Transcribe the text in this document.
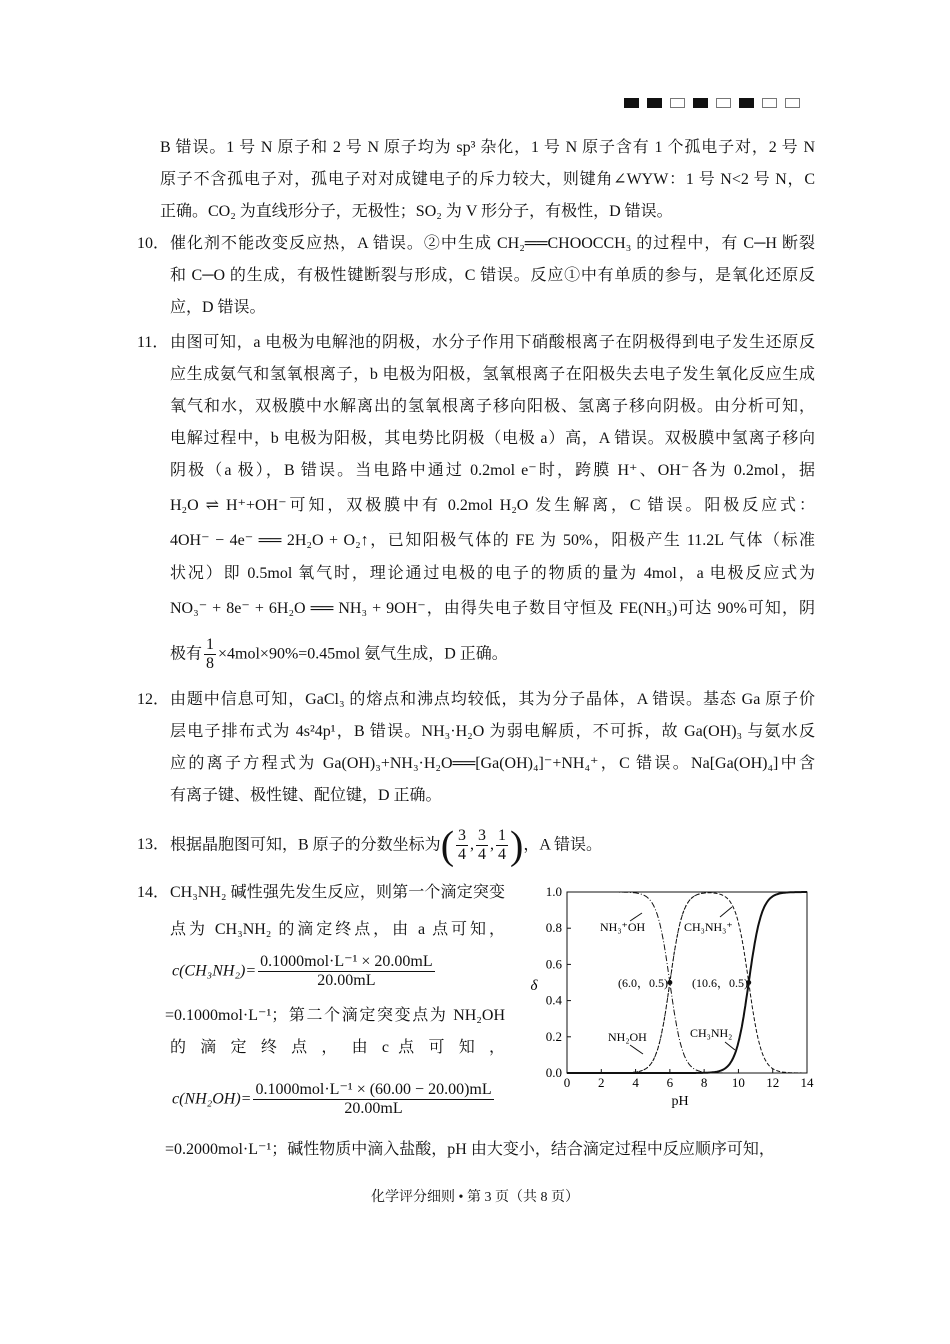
B 错误。1 号 N 原子和 2 号 N 原子均为 sp³ 杂化，1 号 N 原子含有 1 个孤电子对，2 号 N
原子不含孤电子对，孤电子对对成键电子的斥力较大，则键角∠WYW：1 号 N<2 号 N，C
正确。CO₂ 为直线形分子，无极性；SO₂ 为 V 形分子，有极性，D 错误。
10． 催化剂不能改变反应热，A 错误。②中生成 CH₂══CHOOCCH₃ 的过程中，有 C─H 断裂
和 C─O 的生成，有极性键断裂与形成，C 错误。反应①中有单质的参与，是氧化还原反
应，D 错误。
11． 由图可知，a 电极为电解池的阴极，水分子作用下硝酸根离子在阴极得到电子发生还原反
应生成氨气和氢氧根离子，b 电极为阳极，氢氧根离子在阳极失去电子发生氧化反应生成
氧气和水，双极膜中水解离出的氢氧根离子移向阳极、氢离子移向阴极。由分析可知，
电解过程中，b 电极为阳极，其电势比阴极（电极 a）高，A 错误。双极膜中氢离子移向
阴极（a 极），B 错误。当电路中通过 0.2mol e⁻时，跨膜 H⁺、OH⁻各为 0.2mol，据
H₂O ⇌ H⁺+OH⁻可知，双极膜中有 0.2mol H₂O 发生解离，C 错误。阳极反应式：
4OH⁻ − 4e⁻ ══ 2H₂O + O₂↑，已知阳极气体的 FE 为 50%，阳极产生 11.2L 气体（标准
状况）即 0.5mol 氧气时，理论通过电极的电子的物质的量为 4mol，a 电极反应式为
NO₃⁻ + 8e⁻ + 6H₂O ══ NH₃ + 9OH⁻，由得失电子数目守恒及 FE(NH₃)可达 90%可知，阴
极有 $\frac{1}{8} \times 4mol\times 90\%=0.45mol$ 氨气生成，D 正确。
12． 由题中信息可知，GaCl₃ 的熔点和沸点均较低，其为分子晶体，A 错误。基态 Ga 原子价
层电子排布式为 4s²4p¹，B 错误。NH₃·H₂O 为弱电解质，不可拆，故 Ga(OH)₃ 与氨水反
应的离子方程式为 Ga(OH)₃+NH₃·H₂O══[Ga(OH)₄]⁻+NH₄⁺，C 错误。Na[Ga(OH)₄]中含
有离子键、极性键、配位键，D 正确。
13． 根据晶胞图可知，B 原子的分数坐标为( $\frac{3}{4}$ , $\frac{3}{4}$ , $\frac{1}{4}$ )，A 错误。
14． CH₃NH₂ 碱性强先发生反应，则第一个滴定突变
点为 CH₃NH₂ 的滴定终点，由 a 点可知，
$c(CH_3NH_2)= \frac{\text{0.1000mol·L⁻¹ × 20.00mL}}{20.00mL}$
=0.1000mol·L⁻¹；第二个滴定突变点为 NH₂OH
的 滴 定 终 点 ， 由 c 点 可 知 ，
$c(NH_2OH)= \frac{\text{0.1000mol·L⁻¹ × (60.00 − 20.00)mL}}{20.00mL}$
=0.2000mol·L⁻¹；碱性物质中滴入盐酸，pH 由大变小，结合滴定过程中反应顺序可知，
0 2 4 6 8 10 12 14
0.0
0.2
0.4
0.6
0.8
1.0
pH
δ
NH₃⁺OH
NH₂OH
CH₃NH₃⁺
CH₃NH₂
(6.0，0.5) (10.6，0.5)
化学评分细则 • 第 3 页（共 8 页）
